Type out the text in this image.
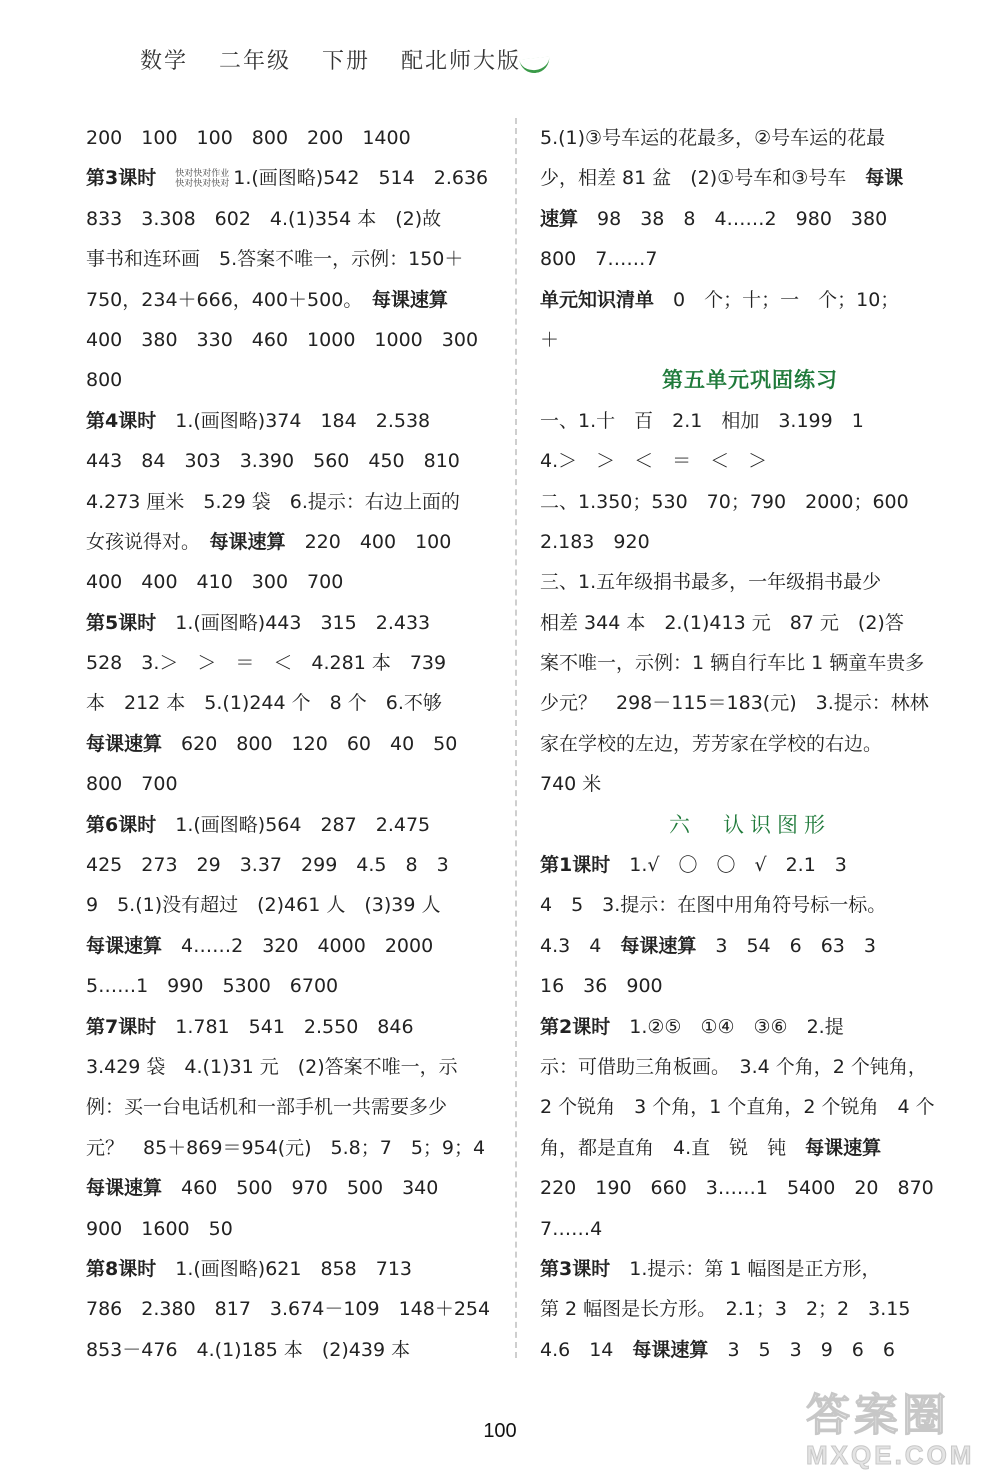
数学 二年级 下册 配北师大版
200　100　100　800　200　1400
第3课时　 快对快对作业快对快对快对 1.(画图略)542　514　2.636
833　3.308　602　4.(1)354 本　(2)故
事书和连环画　5.答案不唯一，示例：150＋
750，234＋666，400＋500。　 每课速算
400　380　330　460　1000　1000　300
800
第4课时　 1.(画图略)374　184　2.538
443　84　303　3.390　560　450　810
4.273 厘米　5.29 袋　6.提示：右边上面的
女孩说得对。　 每课速算　 220　400　100
400　400　410　300　700
第5课时　 1.(画图略)443　315　2.433
528　3.＞　＞　＝　＜　4.281 本　739
本　212 本　5.(1)244 个　8 个　6.不够
每课速算　 620　800　120　60　40　50
800　700
第6课时　 1.(画图略)564　287　2.475
425　273　29　3.37　299　4.5　8　3
9　5.(1)没有超过　(2)461 人　(3)39 人
每课速算　 4……2　320　4000　2000
5……1　990　5300　6700
第7课时　 1.781　541　2.550　846
3.429 袋　4.(1)31 元　(2)答案不唯一，示
例：买一台电话机和一部手机一共需要多少
元？　85＋869＝954(元)　5.8；7　5；9；4
每课速算　 460　500　970　500　340
900　1600　50
第8课时　 1.(画图略)621　858　713
786　2.380　817　3.674－109　148＋254
853－476　4.(1)185 本　(2)439 本
5.(1)③号车运的花最多，②号车运的花最
少，相差 81 盆　(2)①号车和③号车　 每课
速算　 98　38　8　4……2　980　380
800　7……7
单元知识清单　 0　个；十；一　个；10；
＋
第五单元巩固练习
一、1.十　百　2.1　相加　3.199　1
4.＞　＞　＜　＝　＜　＞
二、1.350；530　70；790　2000；600
2.183　920
三、1.五年级捐书最多，一年级捐书最少
相差 344 本　2.(1)413 元　87 元　(2)答
案不唯一，示例：1 辆自行车比 1 辆童车贵多
少元？　298－115＝183(元)　3.提示：林林
家在学校的左边，芳芳家在学校的右边。
740 米
六　认识图形
第1课时　 1.√　〇　〇　√　2.1　3
4　5　3.提示：在图中用角符号标一标。
4.3　4　 每课速算　 3　54　6　63　3
16　36　900
第2课时　 1.②⑤　①④　③⑥　2.提
示：可借助三角板画。　3.4 个角，2 个钝角，
2 个锐角　3 个角，1 个直角，2 个锐角　4 个
角，都是直角　4.直　锐　钝　 每课速算
220　190　660　3……1　5400　20　870
7……4
第3课时　 1.提示：第 1 幅图是正方形，
第 2 幅图是长方形。　2.1；3　2；2　3.15
4.6　14　 每课速算　 3　5　3　9　6　6
100	答案圈
MXQE.COM
